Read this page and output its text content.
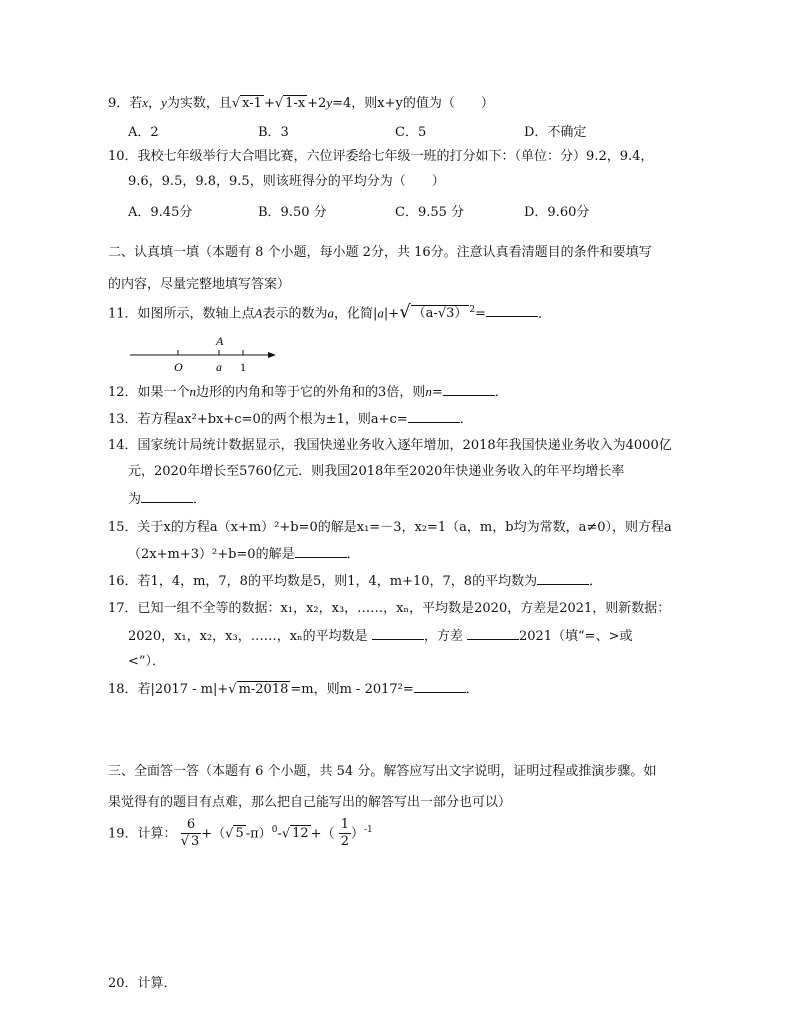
9．若x，y为实数，且√ x-1 +√ 1-x +2y=4，则x+y的值为（　　）
A．2	B．3	C．5	D．不确定
10．我校七年级举行大合唱比赛，六位评委给七年级一班的打分如下：（单位：分）9.2，9.4，
9.6，9.5，9.8，9.5，则该班得分的平均分为（　　）
A．9.45分	B．9.50 分	C．9.55 分	D．9.60分
二、认真填一填（本题有 8 个小题，每小题 2分，共 16分。注意认真看清题目的条件和要填写
的内容，尽量完整地填写答案）
11．如图所示，数轴上点A表示的数为a，化简|a|+√ （a-√3） $^2$=	．
A
O	a 1
12．如果一个n边形的内角和等于它的外角和的3倍，则n=	．
13．若方程ax²+bx+c=0的两个根为±1，则a+c=	．
14．国家统计局统计数据显示，我国快递业务收入逐年增加，2018年我国快递业务收入为4000亿
元，2020年增长至5760亿元．则我国2018年至2020年快递业务收入的年平均增长率
为	．
15．关于x的方程a（x+m）²+b=0的解是x₁=－3，x₂=1（a，m，b均为常数，a≠0），则方程a
（2x+m+3）²+b=0的解是	．
16．若1，4，m，7，8的平均数是5，则1，4，m+10，7，8的平均数为	．
17．已知一组不全等的数据：x₁，x₂，x₃，……，xₙ，平均数是2020，方差是2021，则新数据：
2020，x₁，x₂，x₃，……，xₙ的平均数是	，方差	2021（填“=、>或
<”）．
18．若|2017 - m|+√ m-2018 =m，则m - 2017²=	．
三、全面答一答（本题有 6 个小题，共 54 分。解答应写出文字说明，证明过程或推演步骤。如
果觉得有的题目有点难，那么把自己能写出的解答写出一部分也可以）
19．计算： $\frac{6}{√ 3}$ +（√ 5 -π）$^0$-√ 12 +（ $\frac{1}{2} )^{-1}$
20．计算．
